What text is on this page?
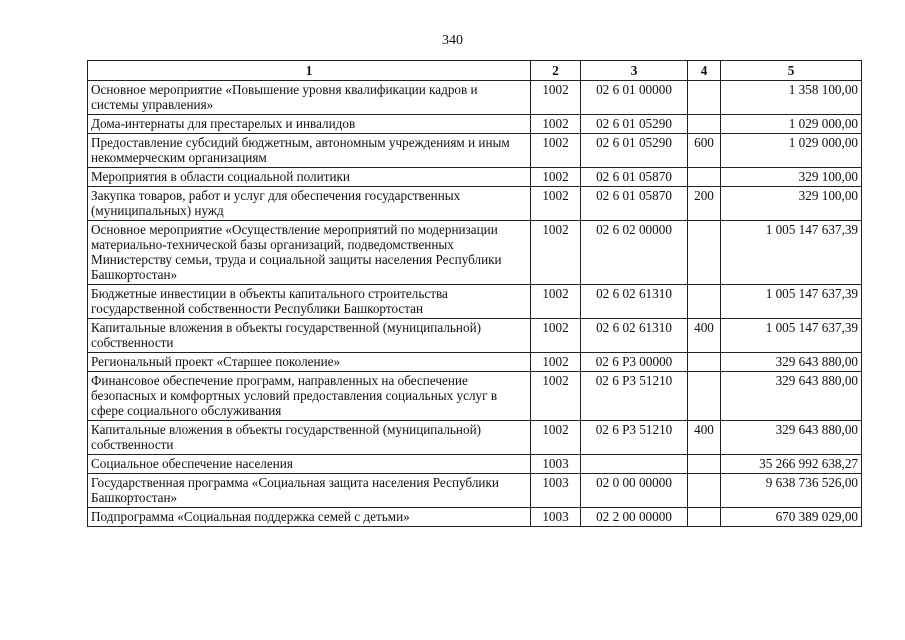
340
1	2	3	4	5
Основное мероприятие «Повышение уровня квалификации кадров и системы управления»	1002	02 6 01 00000		1 358 100,00
Дома-интернаты для престарелых и инвалидов	1002	02 6 01 05290		1 029 000,00
Предоставление субсидий бюджетным, автономным учреждениям и иным некоммерческим организациям	1002	02 6 01 05290	600	1 029 000,00
Мероприятия в области социальной политики	1002	02 6 01 05870		329 100,00
Закупка товаров, работ и услуг для обеспечения государственных (муниципальных) нужд	1002	02 6 01 05870	200	329 100,00
Основное мероприятие «Осуществление мероприятий по модернизации материально-технической базы организаций, подведомственных Министерству семьи, труда и социальной защиты населения Республики Башкортостан»	1002	02 6 02 00000		1 005 147 637,39
Бюджетные инвестиции в объекты капитального строительства государственной собственности Республики Башкортостан	1002	02 6 02 61310		1 005 147 637,39
Капитальные вложения в объекты государственной (муниципальной) собственности	1002	02 6 02 61310	400	1 005 147 637,39
Региональный проект «Старшее поколение»	1002	02 6 P3 00000		329 643 880,00
Финансовое обеспечение программ, направленных на обеспечение безопасных и комфортных условий предоставления социальных услуг в сфере социального обслуживания	1002	02 6 P3 51210		329 643 880,00
Капитальные вложения в объекты государственной (муниципальной) собственности	1002	02 6 P3 51210	400	329 643 880,00
Социальное обеспечение населения	1003			35 266 992 638,27
Государственная программа «Социальная защита населения Республики Башкортостан»	1003	02 0 00 00000		9 638 736 526,00
Подпрограмма «Социальная поддержка семей с детьми»	1003	02 2 00 00000		670 389 029,00
